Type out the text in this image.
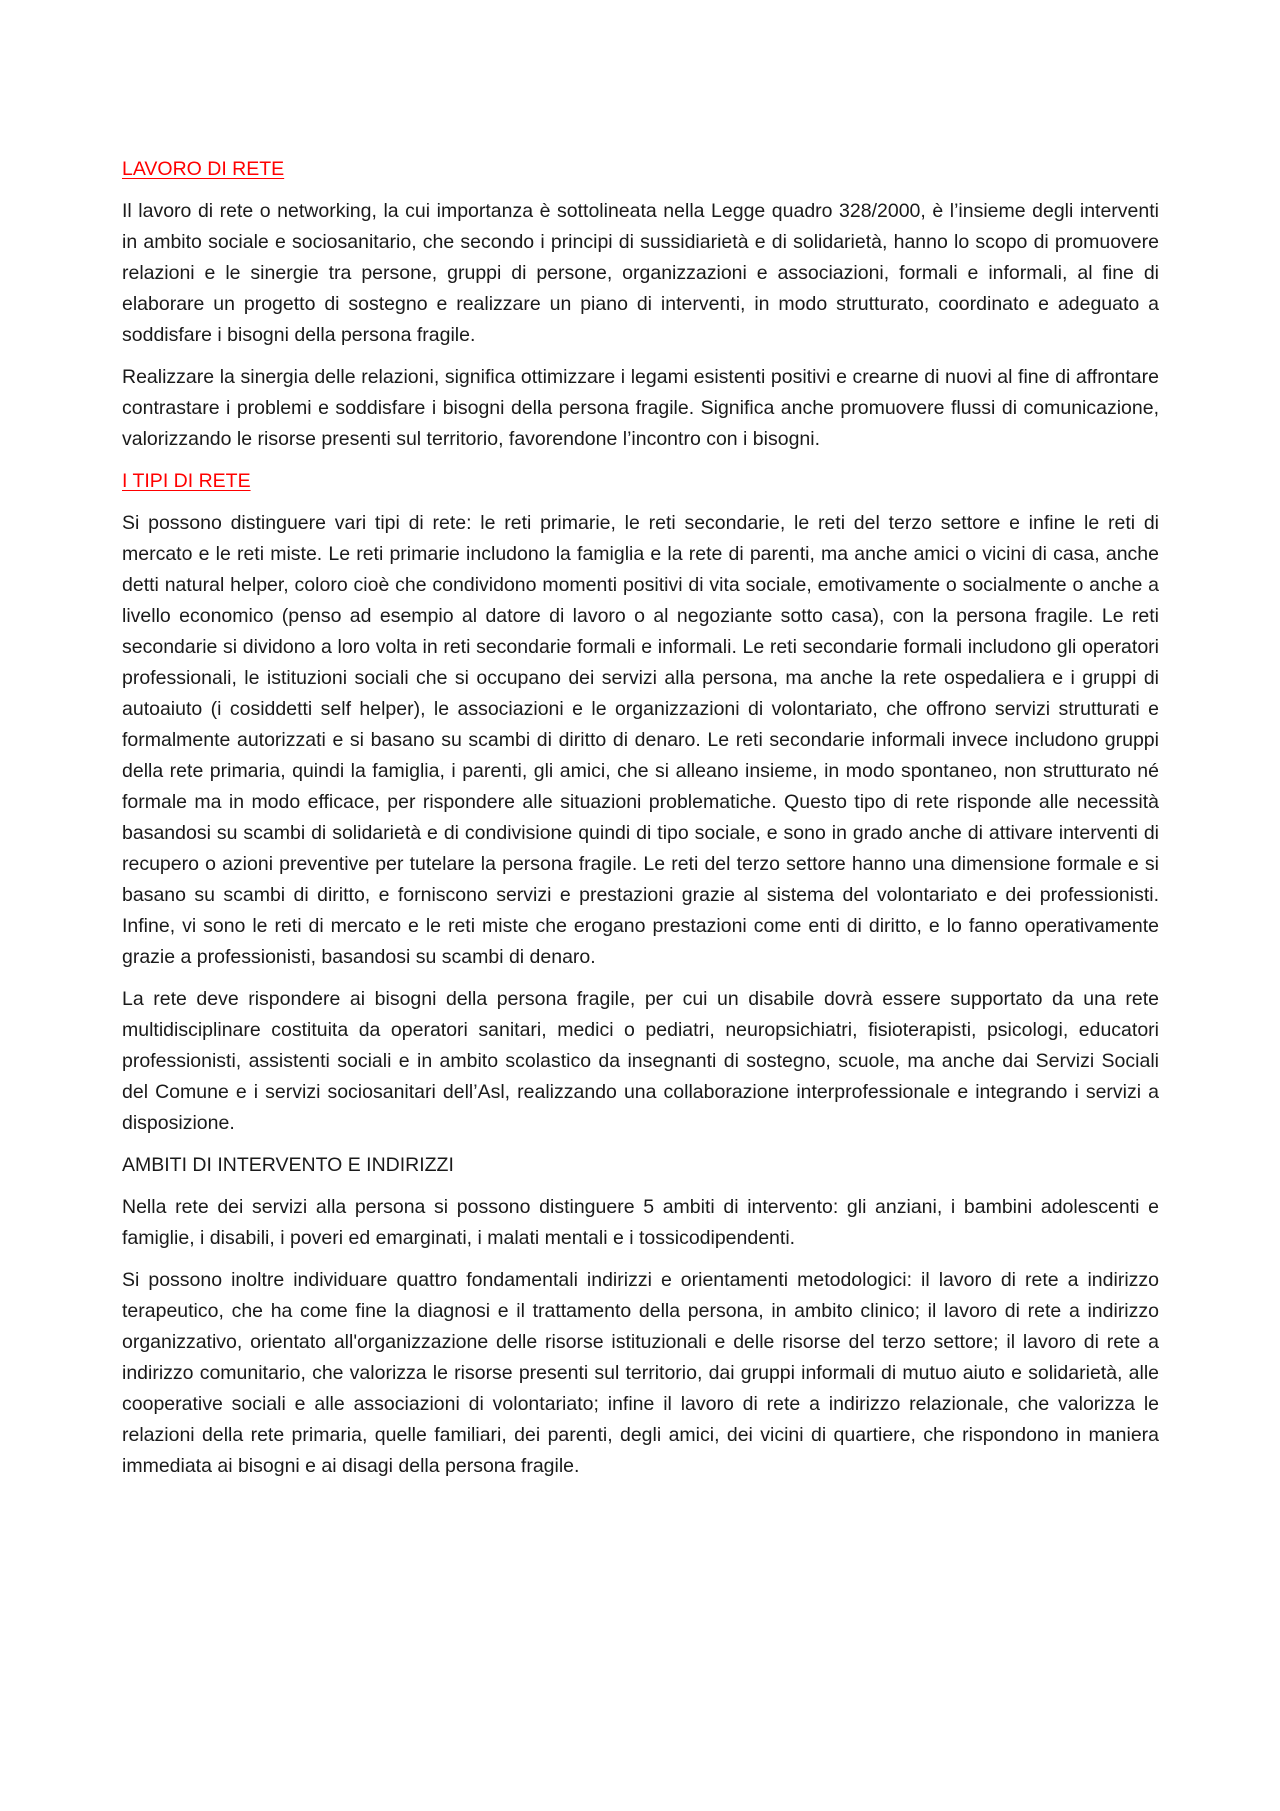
LAVORO DI RETE

Il lavoro di rete o networking, la cui importanza è sottolineata nella Legge quadro 328/2000, è l’insieme degli interventi in ambito sociale e sociosanitario, che secondo i principi di sussidiarietà e di solidarietà, hanno lo scopo di promuovere relazioni e le sinergie tra persone, gruppi di persone, organizzazioni e associazioni, formali e informali, al fine di elaborare un progetto di sostegno e realizzare un piano di interventi, in modo strutturato, coordinato e adeguato a soddisfare i bisogni della persona fragile.

Realizzare la sinergia delle relazioni, significa ottimizzare i legami esistenti positivi e crearne di nuovi al fine di affrontare contrastare i problemi e soddisfare i bisogni della persona fragile. Significa anche promuovere flussi di comunicazione, valorizzando le risorse presenti sul territorio, favorendone l’incontro con i bisogni.

I TIPI DI RETE

Si possono distinguere vari tipi di rete: le reti primarie, le reti secondarie, le reti del terzo settore e infine le reti di mercato e le reti miste. Le reti primarie includono la famiglia e la rete di parenti, ma anche amici o vicini di casa, anche detti natural helper, coloro cioè che condividono momenti positivi di vita sociale, emotivamente o socialmente o anche a livello economico (penso ad esempio al datore di lavoro o al negoziante sotto casa), con la persona fragile. Le reti secondarie si dividono a loro volta in reti secondarie formali e informali. Le reti secondarie formali includono gli operatori professionali, le istituzioni sociali che si occupano dei servizi alla persona, ma anche la rete ospedaliera e i gruppi di autoaiuto (i cosiddetti self helper), le associazioni e le organizzazioni di volontariato, che offrono servizi strutturati e formalmente autorizzati e si basano su scambi di diritto di denaro. Le reti secondarie informali invece includono gruppi della rete primaria, quindi la famiglia, i parenti, gli amici, che si alleano insieme, in modo spontaneo, non strutturato né formale ma in modo efficace, per rispondere alle situazioni problematiche. Questo tipo di rete risponde alle necessità basandosi su scambi di solidarietà e di condivisione quindi di tipo sociale, e sono in grado anche di attivare interventi di recupero o azioni preventive per tutelare la persona fragile. Le reti del terzo settore hanno una dimensione formale e si basano su scambi di diritto, e forniscono servizi e prestazioni grazie al sistema del volontariato e dei professionisti. Infine, vi sono le reti di mercato e le reti miste che erogano prestazioni come enti di diritto, e lo fanno operativamente grazie a professionisti, basandosi su scambi di denaro.

La rete deve rispondere ai bisogni della persona fragile, per cui un disabile dovrà essere supportato da una rete multidisciplinare costituita da operatori sanitari, medici o pediatri, neuropsichiatri, fisioterapisti, psicologi, educatori professionisti, assistenti sociali e in ambito scolastico da insegnanti di sostegno, scuole, ma anche dai Servizi Sociali del Comune e i servizi sociosanitari dell’Asl, realizzando una collaborazione interprofessionale e integrando i servizi a disposizione.

AMBITI DI INTERVENTO E INDIRIZZI

Nella rete dei servizi alla persona si possono distinguere 5 ambiti di intervento: gli anziani, i bambini adolescenti e famiglie, i disabili, i poveri ed emarginati, i malati mentali e i tossicodipendenti.

Si possono inoltre individuare quattro fondamentali indirizzi e orientamenti metodologici: il lavoro di rete a indirizzo terapeutico, che ha come fine la diagnosi e il trattamento della persona, in ambito clinico; il lavoro di rete a indirizzo organizzativo, orientato all'organizzazione delle risorse istituzionali e delle risorse del terzo settore; il lavoro di rete a indirizzo comunitario, che valorizza le risorse presenti sul territorio, dai gruppi informali di mutuo aiuto e solidarietà, alle cooperative sociali e alle associazioni di volontariato; infine il lavoro di rete a indirizzo relazionale, che valorizza le relazioni della rete primaria, quelle familiari, dei parenti, degli amici, dei vicini di quartiere, che rispondono in maniera immediata ai bisogni e ai disagi della persona fragile.
